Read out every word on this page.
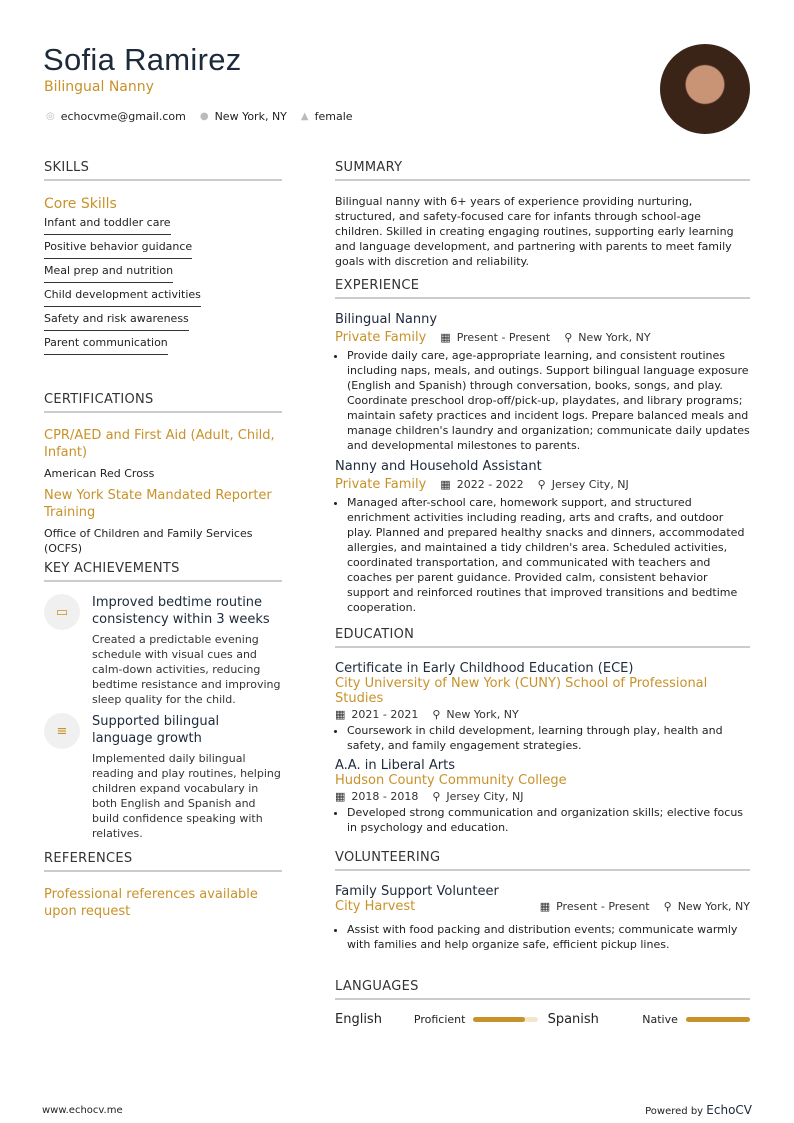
Sofia Ramirez
Bilingual Nanny
◎ echocvme@gmail.com ● New York, NY ▲ female
SKILLS
Core Skills
Infant and toddler care
Positive behavior guidance
Meal prep and nutrition
Child development activities
Safety and risk awareness
Parent communication
CERTIFICATIONS
CPR/AED and First Aid (Adult, Child, Infant)
American Red Cross
New York State Mandated Reporter Training
Office of Children and Family Services (OCFS)
KEY ACHIEVEMENTS
▭
Improved bedtime routine consistency within 3 weeks
Created a predictable evening schedule with visual cues and calm-down activities, reducing bedtime resistance and improving sleep quality for the child.
≡
Supported bilingual language growth
Implemented daily bilingual reading and play routines, helping children expand vocabulary in both English and Spanish and build confidence speaking with relatives.
REFERENCES
Professional references available upon request
SUMMARY
Bilingual nanny with 6+ years of experience providing nurturing, structured, and safety-focused care for infants through school-age children. Skilled in creating engaging routines, supporting early learning and language development, and partnering with parents to meet family goals with discretion and reliability.
EXPERIENCE
Bilingual Nanny
Private Family ▦ Present - Present ⚲ New York, NY
• Provide daily care, age-appropriate learning, and consistent routines including naps, meals, and outings. Support bilingual language exposure (English and Spanish) through conversation, books, songs, and play. Coordinate preschool drop-off/pick-up, playdates, and library programs; maintain safety practices and incident logs. Prepare balanced meals and manage children's laundry and organization; communicate daily updates and developmental milestones to parents.
Nanny and Household Assistant
Private Family ▦ 2022 - 2022 ⚲ Jersey City, NJ
• Managed after-school care, homework support, and structured enrichment activities including reading, arts and crafts, and outdoor play. Planned and prepared healthy snacks and dinners, accommodated allergies, and maintained a tidy children's area. Scheduled activities, coordinated transportation, and communicated with teachers and coaches per parent guidance. Provided calm, consistent behavior support and reinforced routines that improved transitions and bedtime cooperation.
EDUCATION
Certificate in Early Childhood Education (ECE)
City University of New York (CUNY) School of Professional Studies
▦ 2021 - 2021 ⚲ New York, NY
• Coursework in child development, learning through play, health and safety, and family engagement strategies.
A.A. in Liberal Arts
Hudson County Community College
▦ 2018 - 2018 ⚲ Jersey City, NJ
• Developed strong communication and organization skills; elective focus in psychology and education.
VOLUNTEERING
Family Support Volunteer
City Harvest	▦ Present - Present ⚲ New York, NY
• Assist with food packing and distribution events; communicate warmly with families and help organize safe, efficient pickup lines.
LANGUAGES
English	Proficient	Spanish	Native
www.echocv.me	Powered by EchoCV
